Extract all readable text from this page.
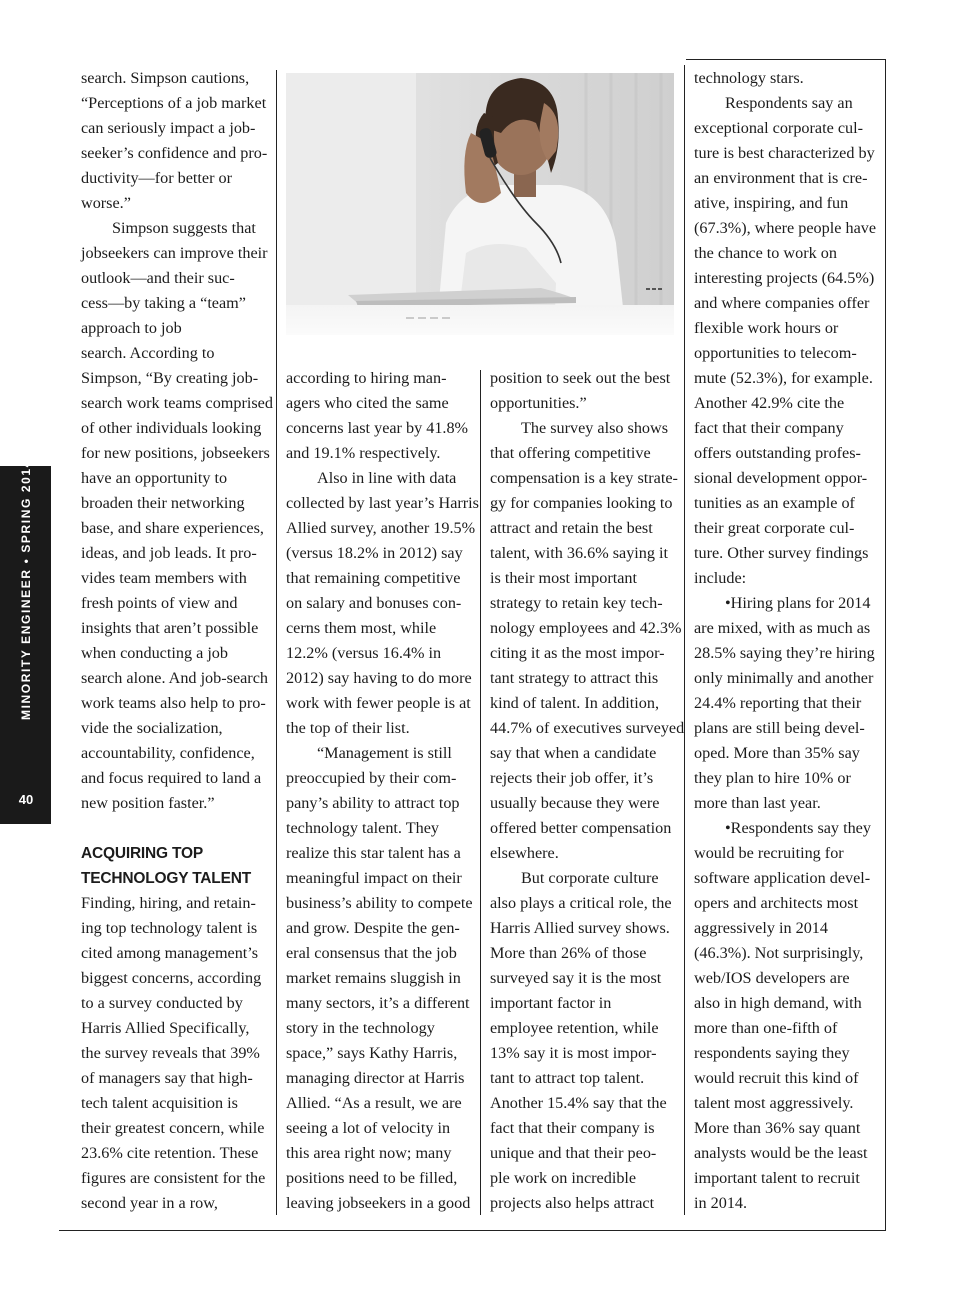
MINORITY ENGINEER • SPRING 2014
40
search. Simpson cautions,
“Perceptions of a job market
can seriously impact a job-
seeker’s confidence and pro-
ductivity—for better or
worse.”
Simpson suggests that
jobseekers can improve their
outlook—and their suc-
cess—by taking a “team”
approach to job
search. According to
Simpson, “By creating job-
search work teams comprised
of other individuals looking
for new positions, jobseekers
have an opportunity to
broaden their networking
base, and share experiences,
ideas, and job leads. It pro-
vides team members with
fresh points of view and
insights that aren’t possible
when conducting a job
search alone. And job-search
work teams also help to pro-
vide the socialization,
accountability, confidence,
and focus required to land a
new position faster.”
ACQUIRING TOP
TECHNOLOGY TALENT
Finding, hiring, and retain-
ing top technology talent is
cited among management’s
biggest concerns, according
to a survey conducted by
Harris Allied Specifically,
the survey reveals that 39%
of managers say that high-
tech talent acquisition is
their greatest concern, while
23.6% cite retention. These
figures are consistent for the
second year in a row,
according to hiring man-
agers who cited the same
concerns last year by 41.8%
and 19.1% respectively.
Also in line with data
collected by last year’s Harris
Allied survey, another 19.5%
(versus 18.2% in 2012) say
that remaining competitive
on salary and bonuses con-
cerns them most, while
12.2% (versus 16.4% in
2012) say having to do more
work with fewer people is at
the top of their list.
“Management is still
preoccupied by their com-
pany’s ability to attract top
technology talent. They
realize this star talent has a
meaningful impact on their
business’s ability to compete
and grow. Despite the gen-
eral consensus that the job
market remains sluggish in
many sectors, it’s a different
story in the technology
space,” says Kathy Harris,
managing director at Harris
Allied. “As a result, we are
seeing a lot of velocity in
this area right now; many
positions need to be filled,
leaving jobseekers in a good
position to seek out the best
opportunities.”
The survey also shows
that offering competitive
compensation is a key strate-
gy for companies looking to
attract and retain the best
talent, with 36.6% saying it
is their most important
strategy to retain key tech-
nology employees and 42.3%
citing it as the most impor-
tant strategy to attract this
kind of talent. In addition,
44.7% of executives surveyed
say that when a candidate
rejects their job offer, it’s
usually because they were
offered better compensation
elsewhere.
But corporate culture
also plays a critical role, the
Harris Allied survey shows.
More than 26% of those
surveyed say it is the most
important factor in
employee retention, while
13% say it is most impor-
tant to attract top talent.
Another 15.4% say that the
fact that their company is
unique and that their peo-
ple work on incredible
projects also helps attract
technology stars.
Respondents say an
exceptional corporate cul-
ture is best characterized by
an environment that is cre-
ative, inspiring, and fun
(67.3%), where people have
the chance to work on
interesting projects (64.5%)
and where companies offer
flexible work hours or
opportunities to telecom-
mute (52.3%), for example.
Another 42.9% cite the
fact that their company
offers outstanding profes-
sional development oppor-
tunities as an example of
their great corporate cul-
ture. Other survey findings
include:
•Hiring plans for 2014
are mixed, with as much as
28.5% saying they’re hiring
only minimally and another
24.4% reporting that their
plans are still being devel-
oped. More than 35% say
they plan to hire 10% or
more than last year.
•Respondents say they
would be recruiting for
software application devel-
opers and architects most
aggressively in 2014
(46.3%). Not surprisingly,
web/IOS developers are
also in high demand, with
more than one-fifth of
respondents saying they
would recruit this kind of
talent most aggressively.
More than 36% say quant
analysts would be the least
important talent to recruit
in 2014.
